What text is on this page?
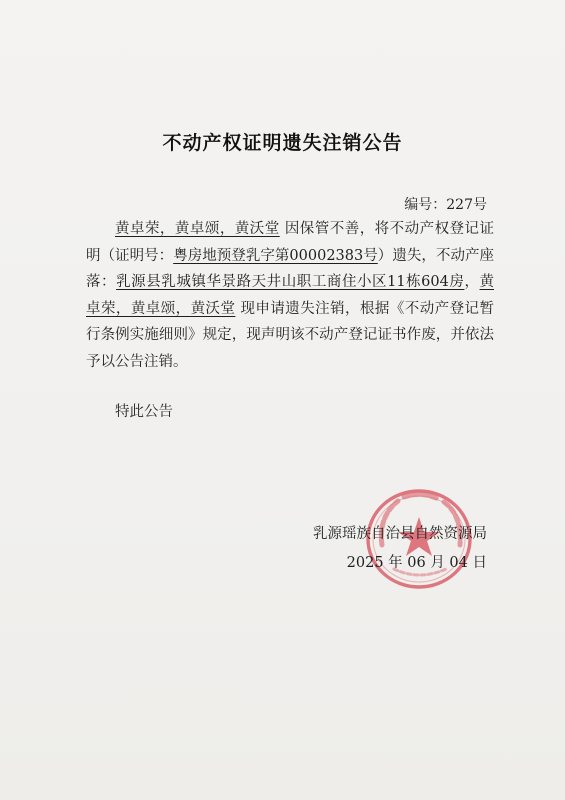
不动产权证明遗失注销公告
编号：227号

黄卓荣，黄卓颂，黄沃堂 因保管不善，将不动产权登记证明（证明号：粤房地预登乳字第00002383号）遗失，不动产座落：乳源县乳城镇华景路天井山职工商住小区11栋604房，黄卓荣，黄卓颂，黄沃堂 现申请遗失注销，根据《不动产登记暂行条例实施细则》规定，现声明该不动产登记证书作废，并依法予以公告注销。

特此公告
乳源瑶族自治县自然资源局
2025 年 06 月 04 日
